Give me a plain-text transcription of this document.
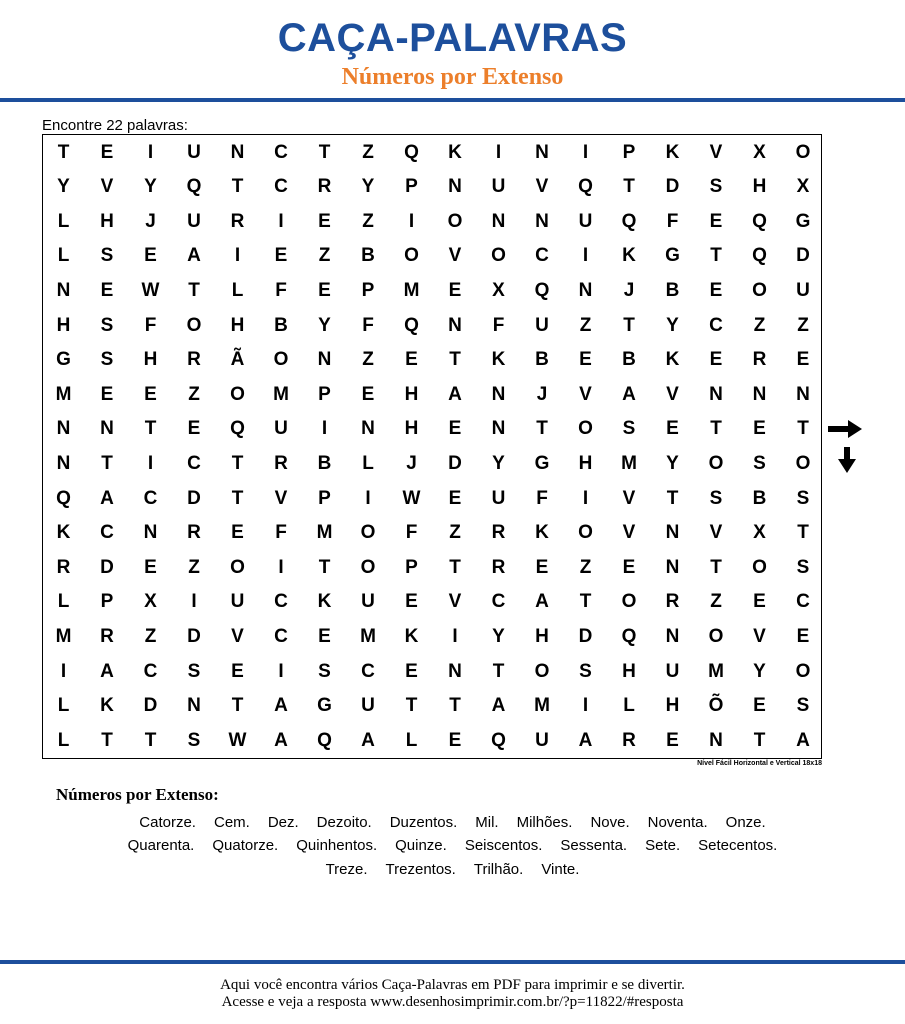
CAÇA-PALAVRAS
Números por Extenso
Encontre 22 palavras:
T	E	I	U	N	C	T	Z	Q	K	I	N	I	P	K	V	X	O
Y	V	Y	Q	T	C	R	Y	P	N	U	V	Q	T	D	S	H	X
L	H	J	U	R	I	E	Z	I	O	N	N	U	Q	F	E	Q	G
L	S	E	A	I	E	Z	B	O	V	O	C	I	K	G	T	Q	D
N	E	W	T	L	F	E	P	M	E	X	Q	N	J	B	E	O	U
H	S	F	O	H	B	Y	F	Q	N	F	U	Z	T	Y	C	Z	Z
G	S	H	R	Ã	O	N	Z	E	T	K	B	E	B	K	E	R	E
M	E	E	Z	O	M	P	E	H	A	N	J	V	A	V	N	N	N
N	N	T	E	Q	U	I	N	H	E	N	T	O	S	E	T	E	T
N	T	I	C	T	R	B	L	J	D	Y	G	H	M	Y	O	S	O
Q	A	C	D	T	V	P	I	W	E	U	F	I	V	T	S	B	S
K	C	N	R	E	F	M	O	F	Z	R	K	O	V	N	V	X	T
R	D	E	Z	O	I	T	O	P	T	R	E	Z	E	N	T	O	S
L	P	X	I	U	C	K	U	E	V	C	A	T	O	R	Z	E	C
M	R	Z	D	V	C	E	M	K	I	Y	H	D	Q	N	O	V	E
I	A	C	S	E	I	S	C	E	N	T	O	S	H	U	M	Y	O
L	K	D	N	T	A	G	U	T	T	A	M	I	L	H	Õ	E	S
L	T	T	S	W	A	Q	A	L	E	Q	U	A	R	E	N	T	A
Nível Fácil Horizontal e Vertical 18x18
Números por Extenso:
Catorze. Cem. Dez. Dezoito. Duzentos. Mil. Milhões. Nove. Noventa. Onze.
Quarenta. Quatorze. Quinhentos. Quinze. Seiscentos. Sessenta. Sete. Setecentos.
Treze. Trezentos. Trilhão. Vinte.
Aqui você encontra vários Caça-Palavras em PDF para imprimir e se divertir.
Acesse e veja a resposta www.desenhosimprimir.com.br/?p=11822/#resposta
